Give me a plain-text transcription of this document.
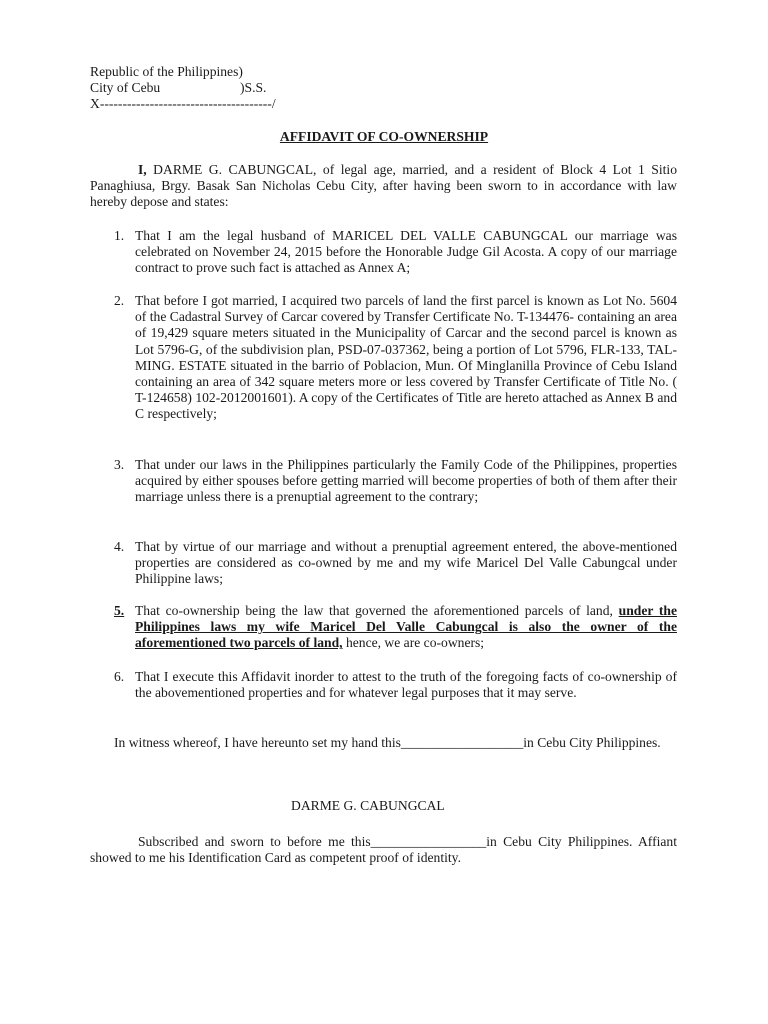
Republic of the Philippines)
City of Cebu	)S.S.
X--------------------------------------/
AFFIDAVIT OF CO-OWNERSHIP
I, DARME G. CABUNGCAL, of legal age, married, and a resident of Block 4 Lot 1 Sitio Panaghiusa, Brgy. Basak San Nicholas Cebu City, after having been sworn to in accordance with law hereby depose and states:
1. That I am the legal husband of MARICEL DEL VALLE CABUNGCAL our marriage was celebrated on November 24, 2015 before the Honorable Judge Gil Acosta. A copy of our marriage contract to prove such fact is attached as Annex A;
2. That before I got married, I acquired two parcels of land the first parcel is known as Lot No. 5604 of the Cadastral Survey of Carcar covered by Transfer Certificate No. T-134476- containing an area of 19,429 square meters situated in the Municipality of Carcar and the second parcel is known as Lot 5796-G, of the subdivision plan, PSD-07-037362, being a portion of Lot 5796, FLR-133, TAL-MING. ESTATE situated in the barrio of Poblacion, Mun. Of Minglanilla Province of Cebu Island containing an area of 342 square meters more or less covered by Transfer Certificate of Title No. ( T-124658) 102-2012001601). A copy of the Certificates of Title are hereto attached as Annex B and C respectively;
3. That under our laws in the Philippines particularly the Family Code of the Philippines, properties acquired by either spouses before getting married will become properties of both of them after their marriage unless there is a prenuptial agreement to the contrary;
4. That by virtue of our marriage and without a prenuptial agreement entered, the above-mentioned properties are considered as co-owned by me and my wife Maricel Del Valle Cabungcal under Philippine laws;
5. That co-ownership being the law that governed the aforementioned parcels of land, under the Philippines laws my wife Maricel Del Valle Cabungcal is also the owner of the aforementioned two parcels of land, hence, we are co-owners;
6. That I execute this Affidavit inorder to attest to the truth of the foregoing facts of co-ownership of the abovementioned properties and for whatever legal purposes that it may serve.
In witness whereof, I have hereunto set my hand this__________________in Cebu City Philippines.
DARME G. CABUNGCAL
Subscribed and sworn to before me this_________________in Cebu City Philippines. Affiant showed to me his Identification Card as competent proof of identity.
